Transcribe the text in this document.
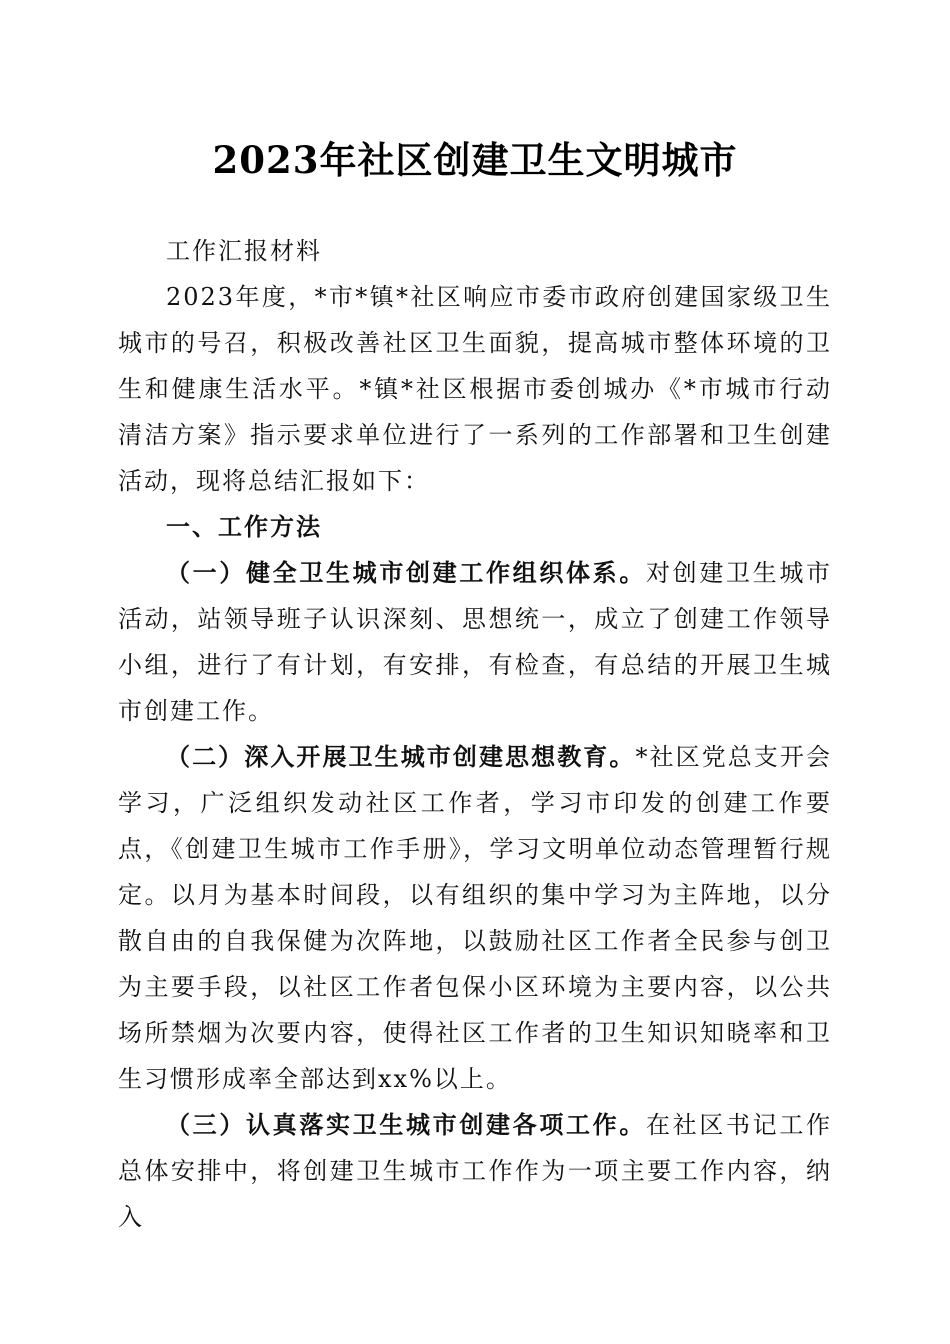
2023年社区创建卫生文明城市

工作汇报材料

2023年度，*市*镇*社区响应市委市政府创建国家级卫生城市的号召，积极改善社区卫生面貌，提高城市整体环境的卫生和健康生活水平。*镇*社区根据市委创城办《*市城市行动清洁方案》指示要求单位进行了一系列的工作部署和卫生创建活动，现将总结汇报如下：

一、工作方法

（一）健全卫生城市创建工作组织体系。对创建卫生城市活动，站领导班子认识深刻、思想统一，成立了创建工作领导小组，进行了有计划，有安排，有检查，有总结的开展卫生城市创建工作。

（二）深入开展卫生城市创建思想教育。*社区党总支开会学习，广泛组织发动社区工作者，学习市印发的创建工作要点，《创建卫生城市工作手册》，学习文明单位动态管理暂行规定。以月为基本时间段，以有组织的集中学习为主阵地，以分散自由的自我保健为次阵地，以鼓励社区工作者全民参与创卫为主要手段，以社区工作者包保小区环境为主要内容，以公共场所禁烟为次要内容，使得社区工作者的卫生知识知晓率和卫生习惯形成率全部达到xx%以上。

（三）认真落实卫生城市创建各项工作。在社区书记工作总体安排中，将创建卫生城市工作作为一项主要工作内容，纳入
